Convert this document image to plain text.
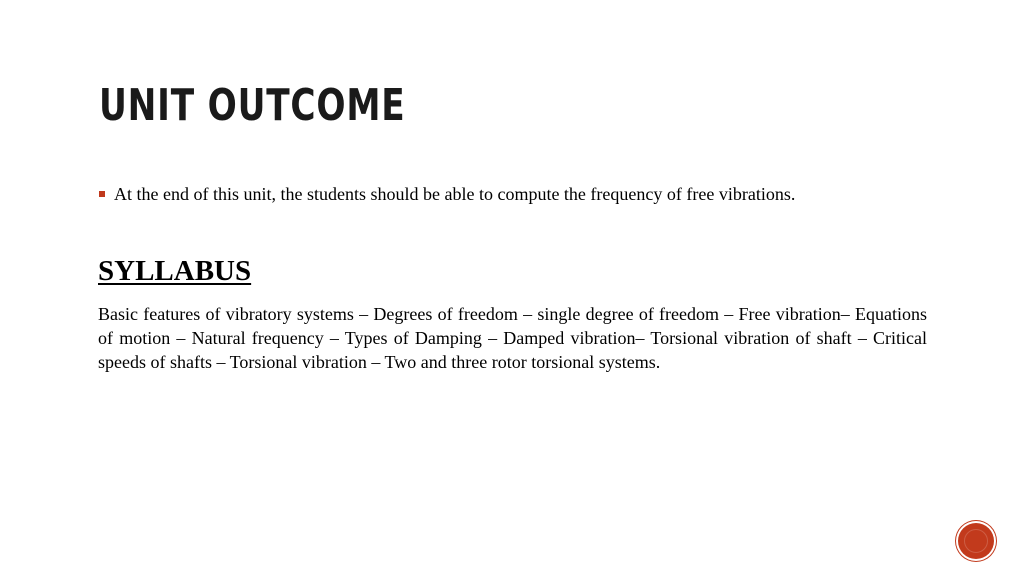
UNIT OUTCOME
At the end of this unit, the students should be able to compute the frequency of free vibrations.
SYLLABUS

Basic features of vibratory systems – Degrees of freedom – single degree of freedom – Free vibration– Equations of motion – Natural frequency – Types of Damping – Damped vibration– Torsional vibration of shaft – Critical speeds of shafts – Torsional vibration – Two and three rotor torsional systems.
